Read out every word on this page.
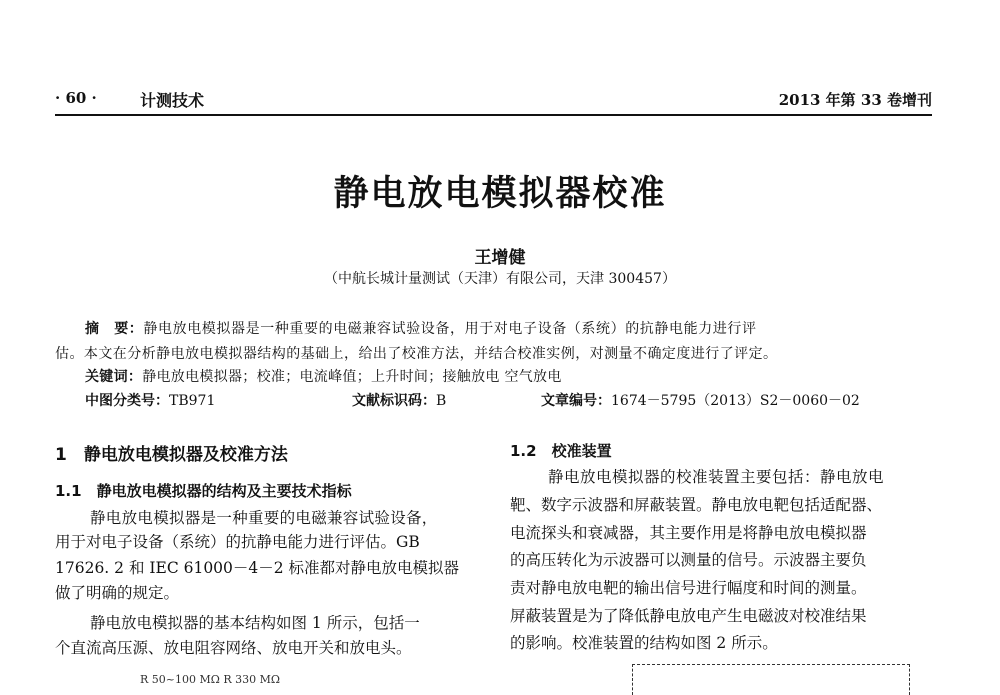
· 60 ·	计测技术	2013 年第 33 卷增刊
静电放电模拟器校准
王增健
（中航长城计量测试（天津）有限公司，天津 300457）
摘　要：静电放电模拟器是一种重要的电磁兼容试验设备，用于对电子设备（系统）的抗静电能力进行评
估。本文在分析静电放电模拟器结构的基础上，给出了校准方法，并结合校准实例，对测量不确定度进行了评定。
关键词：静电放电模拟器；校准；电流峰值；上升时间；接触放电 空气放电
中图分类号：TB971	文献标识码：B	文章编号：1674－5795（2013）S2－0060－02
1　静电放电模拟器及校准方法
1.1　静电放电模拟器的结构及主要技术指标
静电放电模拟器是一种重要的电磁兼容试验设备，
用于对电子设备（系统）的抗静电能力进行评估。GB
17626. 2 和 IEC 61000－4－2 标准都对静电放电模拟器
做了明确的规定。
静电放电模拟器的基本结构如图 1 所示，包括一
个直流高压源、放电阻容网络、放电开关和放电头。
R 50~100 MΩ R 330 MΩ
1.2　校准装置
静电放电模拟器的校准装置主要包括：静电放电
靶、数字示波器和屏蔽装置。静电放电靶包括适配器、
电流探头和衰减器，其主要作用是将静电放电模拟器
的高压转化为示波器可以测量的信号。示波器主要负
责对静电放电靶的输出信号进行幅度和时间的测量。
屏蔽装置是为了降低静电放电产生电磁波对校准结果
的影响。校准装置的结构如图 2 所示。
